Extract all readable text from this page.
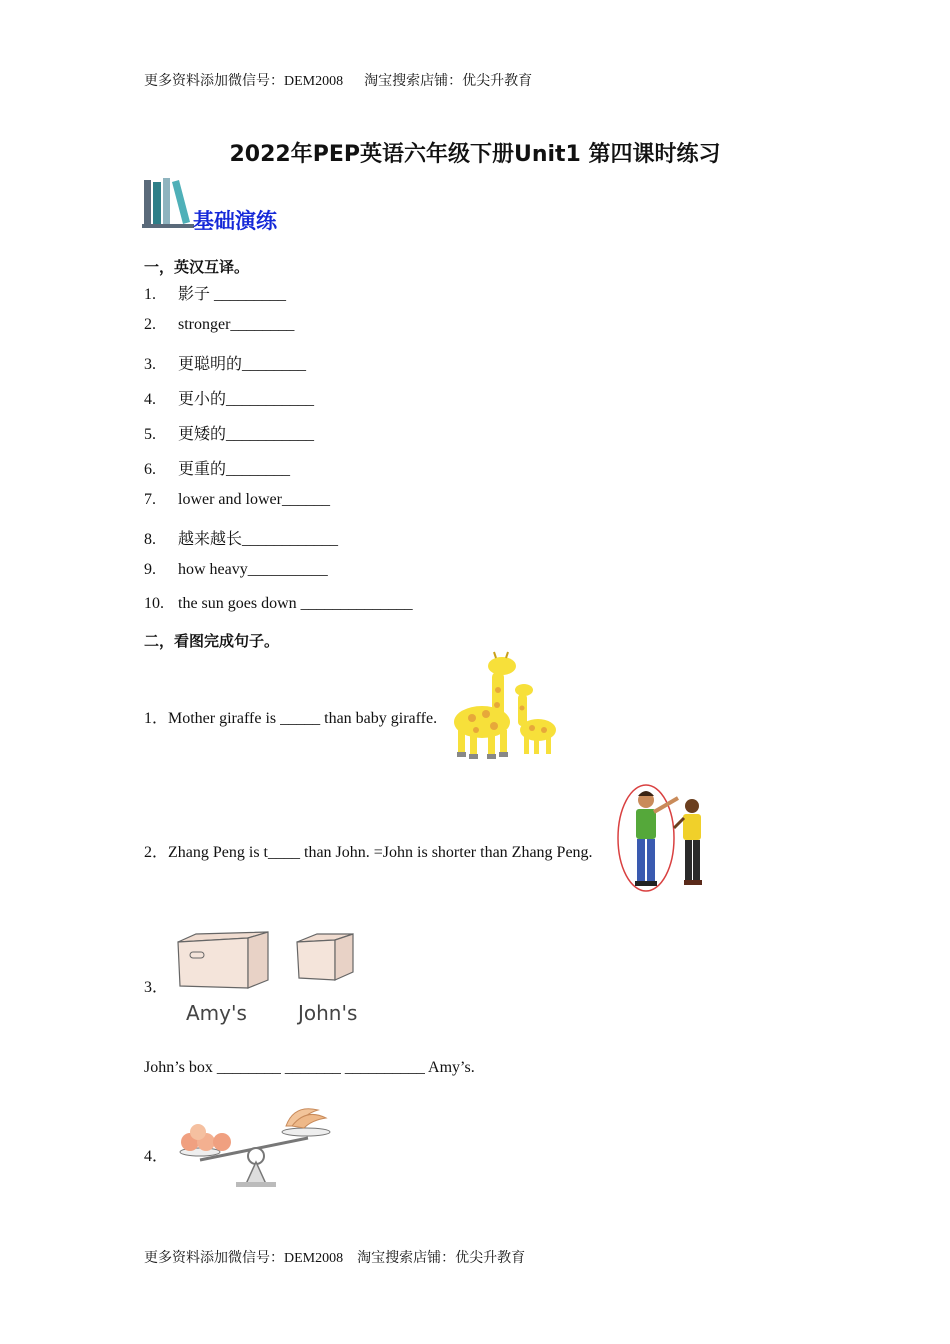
更多资料添加微信号：DEM2008      淘宝搜索店铺：优尖升教育
2022年PEP英语六年级下册Unit1 第四课时练习
基础演练
一，英汉互译。
1. 影子 _________
2. stronger________
3. 更聪明的________
4. 更小的___________
5. 更矮的___________
6. 更重的________
7. lower and lower______
8. 越来越长____________
9. how heavy__________
10. the sun goes down ______________
二，看图完成句子。
1．Mother giraffe is _____ than baby giraffe.
2．Zhang Peng is t____ than John. =John is shorter than Zhang Peng.
3．
Amy's	John's
John’s box ________ _______ __________ Amy’s.
4．
更多资料添加微信号：DEM2008    淘宝搜索店铺：优尖升教育
